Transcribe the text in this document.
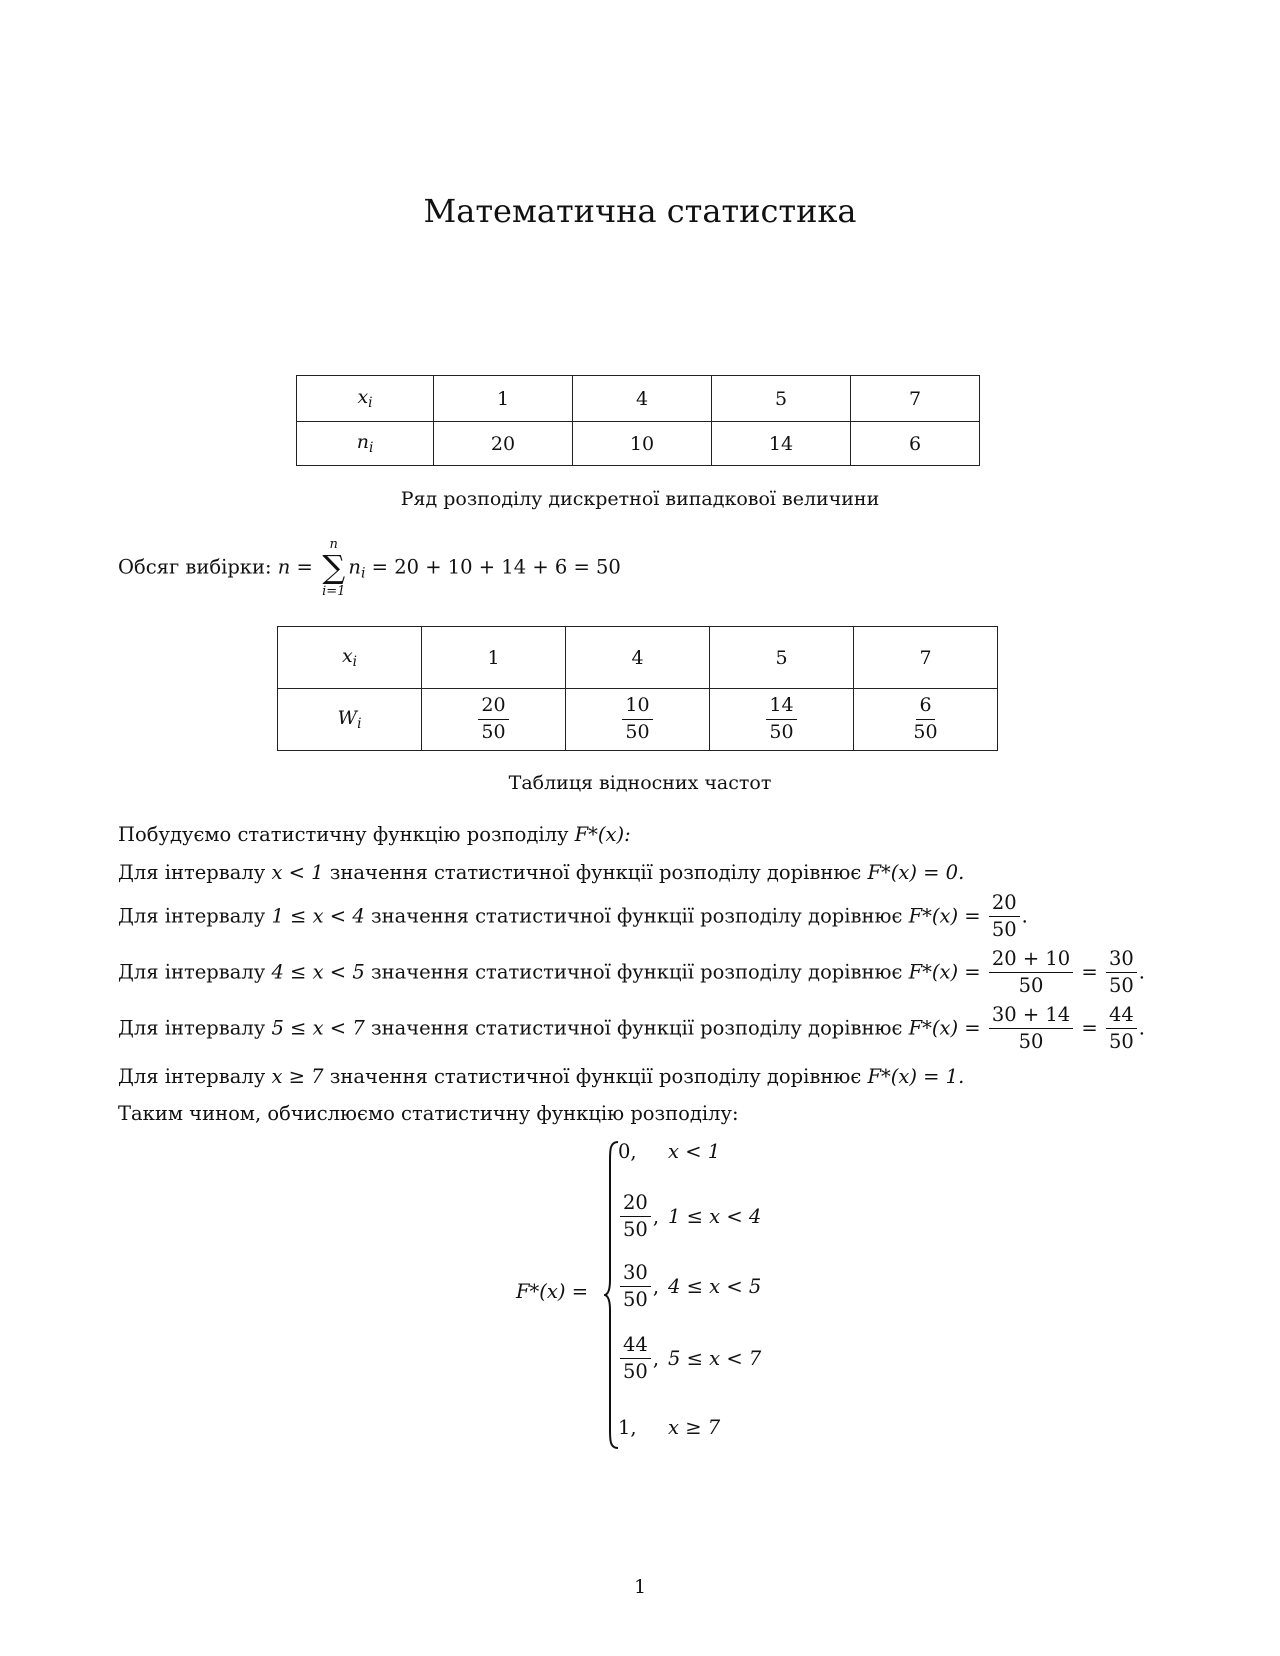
Математична статистика
$x_i$	1	4	5	7
$n_i$	20	10	14	6
Ряд розподілу дискретної випадкової величини
Обсяг вибірки: n =
n
∑
i=1
$n_i = 20 + 10 + 14 + 6 = 50$
$x_i$	1	4	5	7
$W_i$	$\frac{20}{50}$	$\frac{10}{50}$	$\frac{14}{50}$	$\frac{6}{50}$
Таблиця відносних частот
Побудуємо статистичну функцію розподілу F*(x):
Для інтервалу x < 1 значення статистичної функції розподілу дорівнює F*(x) = 0.
Для інтервалу 1 ≤ x < 4 значення статистичної функції розподілу дорівнює $F*(x) = \frac{20}{50}$ .
Для інтервалу 4 ≤ x < 5 значення статистичної функції розподілу дорівнює $F*(x) = \frac{20 + 10}{50} = \frac{30}{50}$ .
Для інтервалу 5 ≤ x < 7 значення статистичної функції розподілу дорівнює $F*(x) = \frac{30 + 14}{50} = \frac{44}{50}$ .
Для інтервалу x ≥ 7 значення статистичної функції розподілу дорівнює F*(x) = 1.
Таким чином, обчислюємо статистичну функцію розподілу:
F*(x) =
0,	x < 1
$\frac{20}{50}$ , 1 ≤ x < 4
$\frac{30}{50}$ , 4 ≤ x < 5
$\frac{44}{50}$ , 5 ≤ x < 7
1,	x ≥ 7
1
